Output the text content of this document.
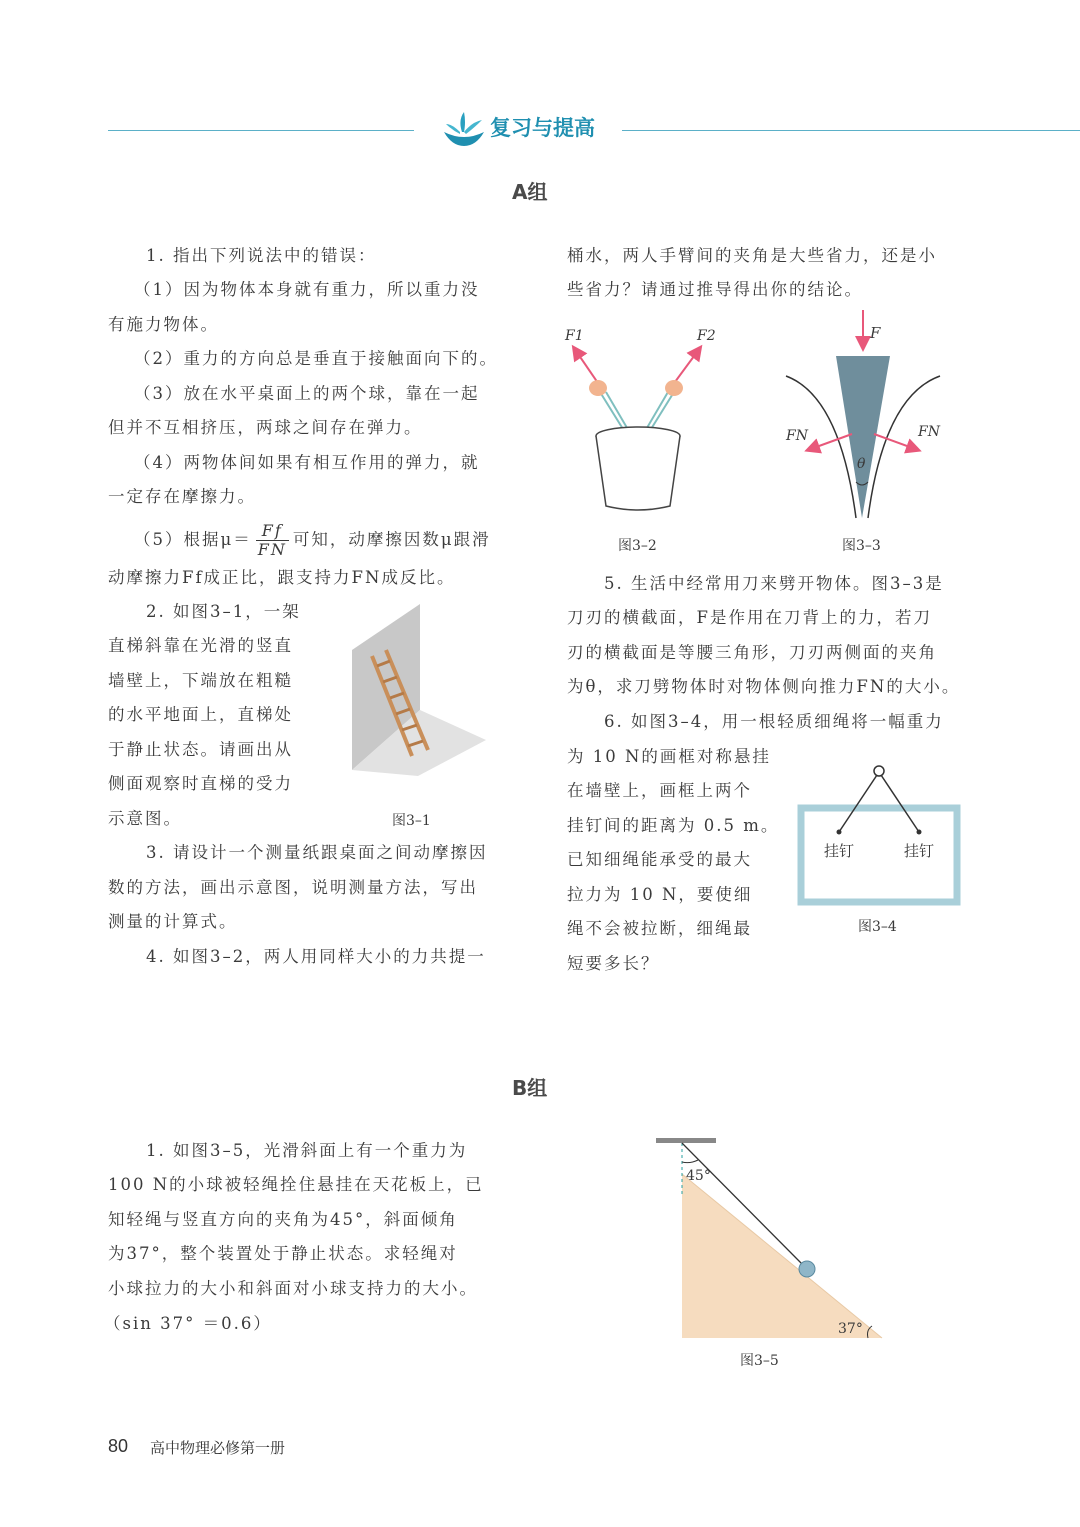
复习与提高
A组
1. 指出下列说法中的错误：
（1）因为物体本身就有重力，所以重力没
有施力物体。
（2）重力的方向总是垂直于接触面向下的。
（3）放在水平桌面上的两个球，靠在一起
但并不互相挤压，两球之间存在弹力。
（4）两物体间如果有相互作用的弹力，就
一定存在摩擦力。
（5）根据$\mu= \frac{Ff}{FN}$ 可知，动摩擦因数μ跟滑
动摩擦力Ff成正比，跟支持力FN成反比。
2. 如图3–1，一架
直梯斜靠在光滑的竖直
墙壁上，下端放在粗糙
的水平地面上，直梯处
于静止状态。请画出从
侧面观察时直梯的受力
示意图。	图3–1
3. 请设计一个测量纸跟桌面之间动摩擦因
数的方法，画出示意图，说明测量方法，写出
测量的计算式。
4. 如图3–2，两人用同样大小的力共提一
桶水，两人手臂间的夹角是大些省力，还是小
些省力？请通过推导得出你的结论。
F1	F2
图3–2
F
FN	FN
θ
图3–3
5. 生活中经常用刀来劈开物体。图3–3是
刀刃的横截面，F是作用在刀背上的力，若刀
刃的横截面是等腰三角形，刀刃两侧面的夹角
为θ，求刀劈物体时对物体侧向推力FN的大小。
6. 如图3–4，用一根轻质细绳将一幅重力
为 10 N的画框对称悬挂
在墙壁上，画框上两个
挂钉间的距离为 0.5 m。
已知细绳能承受的最大
拉力为 10 N，要使细
绳不会被拉断，细绳最
短要多长？
挂钉	挂钉
图3–4
B组
1. 如图3–5，光滑斜面上有一个重力为
100 N的小球被轻绳拴住悬挂在天花板上，已
知轻绳与竖直方向的夹角为45°，斜面倾角
为37°，整个装置处于静止状态。求轻绳对
小球拉力的大小和斜面对小球支持力的大小。
（sin 37° ＝0.6）
45°
37°
图3–5
80 高中物理必修第一册
